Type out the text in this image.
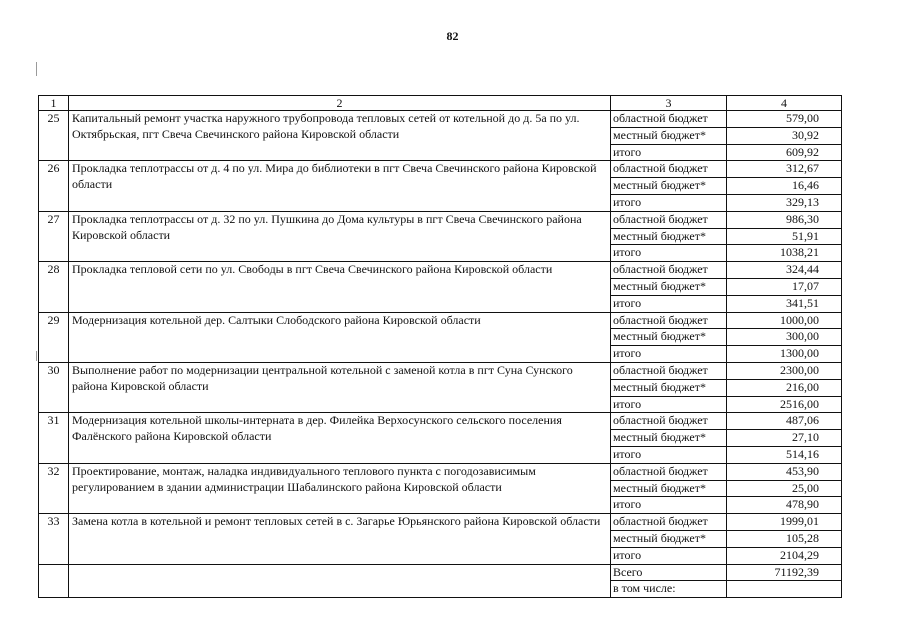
82
1	2	3	4
25	Капитальный ремонт участка наружного трубопровода тепловых сетей от котельной до д. 5а по ул. Октябрьская, пгт Свеча Свечинского района Кировской области	областной бюджет	579,00
		местный бюджет*	30,92
		итого	609,92
26	Прокладка теплотрассы от д. 4 по ул. Мира до библиотеки в пгт Свеча Свечинского района Кировской области	областной бюджет	312,67
		местный бюджет*	16,46
		итого	329,13
27	Прокладка теплотрассы от д. 32 по ул. Пушкина до Дома культуры в пгт Свеча Свечинского района Кировской области	областной бюджет	986,30
		местный бюджет*	51,91
		итого	1038,21
28	Прокладка тепловой сети по ул. Свободы в пгт Свеча Свечинского района Кировской области	областной бюджет	324,44
		местный бюджет*	17,07
		итого	341,51
29	Модернизация котельной дер. Салтыки Слободского района Кировской области	областной бюджет	1000,00
		местный бюджет*	300,00
		итого	1300,00
30	Выполнение работ по модернизации центральной котельной с заменой котла в пгт Суна Сунского района Кировской области	областной бюджет	2300,00
		местный бюджет*	216,00
		итого	2516,00
31	Модернизация котельной школы-интерната в дер. Филейка Верхосунского сельского поселения Фалёнского района Кировской области	областной бюджет	487,06
		местный бюджет*	27,10
		итого	514,16
32	Проектирование, монтаж, наладка индивидуального теплового пункта с погодозависимым регулированием в здании администрации Шабалинского района Кировской области	областной бюджет	453,90
		местный бюджет*	25,00
		итого	478,90
33	Замена котла в котельной и ремонт тепловых сетей в с. Загарье Юрьянского района Кировской области	областной бюджет	1999,01
		местный бюджет*	105,28
		итого	2104,29
		Всего	71192,39
		в том числе:	
